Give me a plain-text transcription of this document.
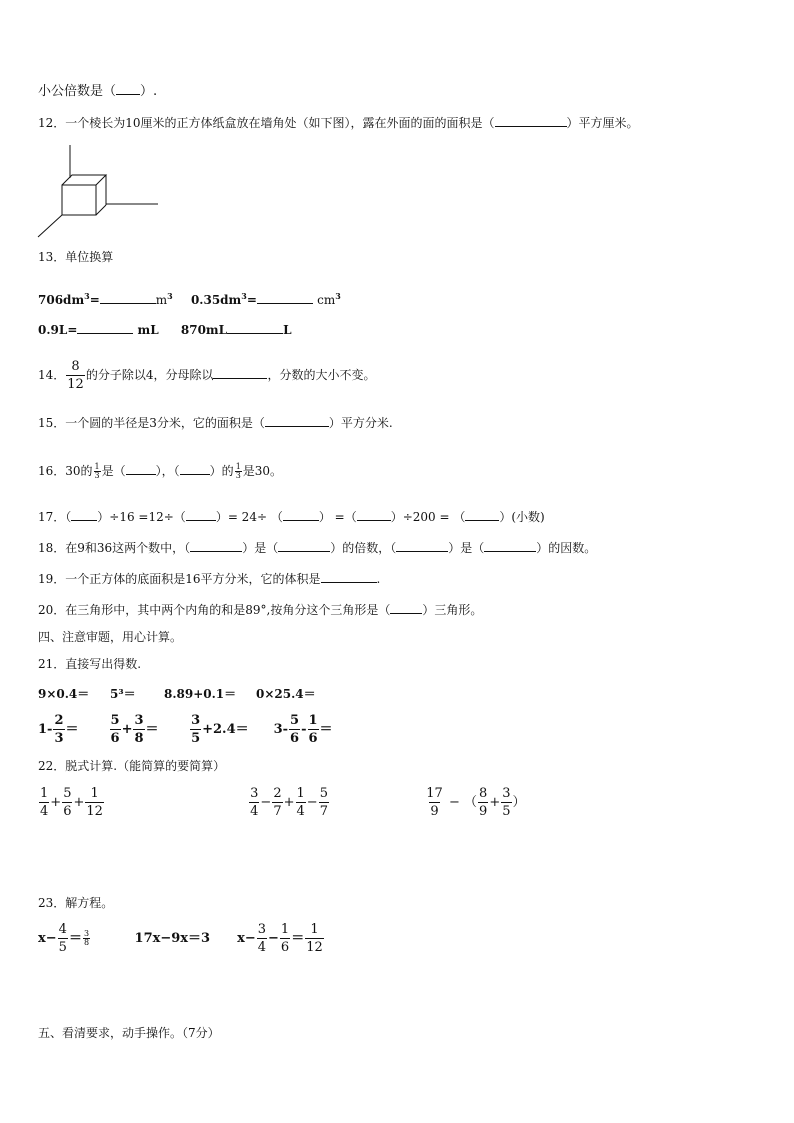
小公倍数是（ ）.
12．一个棱长为10厘米的正方体纸盒放在墙角处（如下图），露在外面的面的面积是（	）平方厘米。
13．单位换算
$706dm^3=$	$m^3$ $0.35dm^3=$	$cm^3$
0.9L=	mL 870mL	L
14． $\frac{8}{12}$ 的分子除以4，分母除以	，分数的大小不变。
15．一个圆的半径是3分米，它的面积是（	）平方分米.
16．30的 $\frac{1}{3}$ 是（	），（	）的 $\frac{1}{3}$ 是30。
17．（ ）÷16 =12÷（	）= 24÷ （	） =（	）÷200 = （	）(小数)
18．在9和36这两个数中，（	）是（	）的倍数，（	）是（	）的因数。
19．一个正方体的底面积是16平方分米，它的体积是	.
20．在三角形中，其中两个内角的和是89°,按角分这个三角形是（	）三角形。
四、注意审题，用心计算。
21．直接写出得数.
9×0.4＝ 5³＝ 8.89+0.1＝ 0×25.4＝
$1- \frac{2}{3} = \frac{5}{6} + \frac{3}{8} = \frac{3}{5} +2.4= 3- \frac{5}{6} - \frac{1}{6}$ ＝
22．脱式计算.（能简算的要简算）
$\frac{1}{4} + \frac{5}{6} + \frac{1}{12}$
	$\frac{3}{4} - \frac{2}{7} + \frac{1}{4} - \frac{5}{7}$
	$\frac{17}{9}$ − （ $\frac{8}{9} + \frac{3}{5}$ ）
23．解方程。
$x- \frac{4}{5} = \frac{3}{8}$	17x−9x＝3 $x- \frac{3}{4} - \frac{1}{6} = \frac{1}{12}$
五、看清要求，动手操作。（7分）
